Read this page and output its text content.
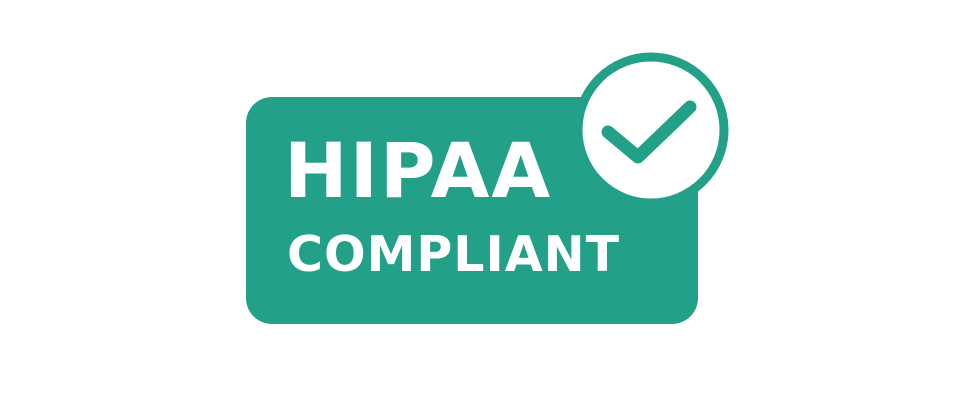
HIPAA
COMPLIANT
